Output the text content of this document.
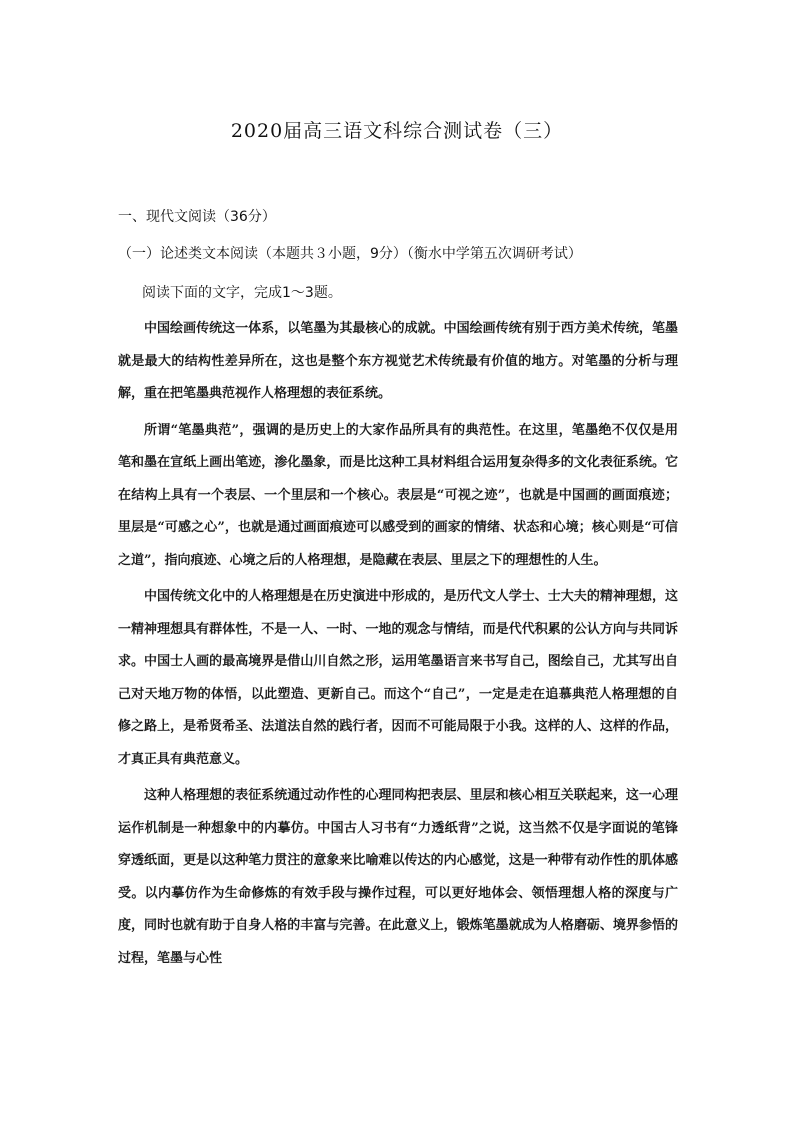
2020届高三语文科综合测试卷（三）
一、现代文阅读（36分）
（一）论述类文本阅读（本题共３小题，9分）（衡水中学第五次调研考试）
阅读下面的文字，完成1～3题。

中国绘画传统这一体系，以笔墨为其最核心的成就。中国绘画传统有别于西方美术传统，笔墨就是最大的结构性差异所在，这也是整个东方视觉艺术传统最有价值的地方。对笔墨的分析与理解，重在把笔墨典范视作人格理想的表征系统。

所谓“笔墨典范”，强调的是历史上的大家作品所具有的典范性。在这里，笔墨绝不仅仅是用笔和墨在宣纸上画出笔迹，渗化墨象，而是比这种工具材料组合运用复杂得多的文化表征系统。它在结构上具有一个表层、一个里层和一个核心。表层是“可视之迹”，也就是中国画的画面痕迹；里层是“可感之心”，也就是通过画面痕迹可以感受到的画家的情绪、状态和心境；核心则是“可信之道”，指向痕迹、心境之后的人格理想，是隐藏在表层、里层之下的理想性的人生。

中国传统文化中的人格理想是在历史演进中形成的，是历代文人学士、士大夫的精神理想，这一精神理想具有群体性，不是一人、一时、一地的观念与情结，而是代代积累的公认方向与共同诉求。中国士人画的最高境界是借山川自然之形，运用笔墨语言来书写自己，图绘自己，尤其写出自己对天地万物的体悟，以此塑造、更新自己。而这个“自己”，一定是走在追慕典范人格理想的自修之路上，是希贤希圣、法道法自然的践行者，因而不可能局限于小我。这样的人、这样的作品，才真正具有典范意义。

这种人格理想的表征系统通过动作性的心理同构把表层、里层和核心相互关联起来，这一心理运作机制是一种想象中的内摹仿。中国古人习书有“力透纸背”之说，这当然不仅是字面说的笔锋穿透纸面，更是以这种笔力贯注的意象来比喻难以传达的内心感觉，这是一种带有动作性的肌体感受。以内摹仿作为生命修炼的有效手段与操作过程，可以更好地体会、领悟理想人格的深度与广度，同时也就有助于自身人格的丰富与完善。在此意义上，锻炼笔墨就成为人格磨砺、境界参悟的过程，笔墨与心性
